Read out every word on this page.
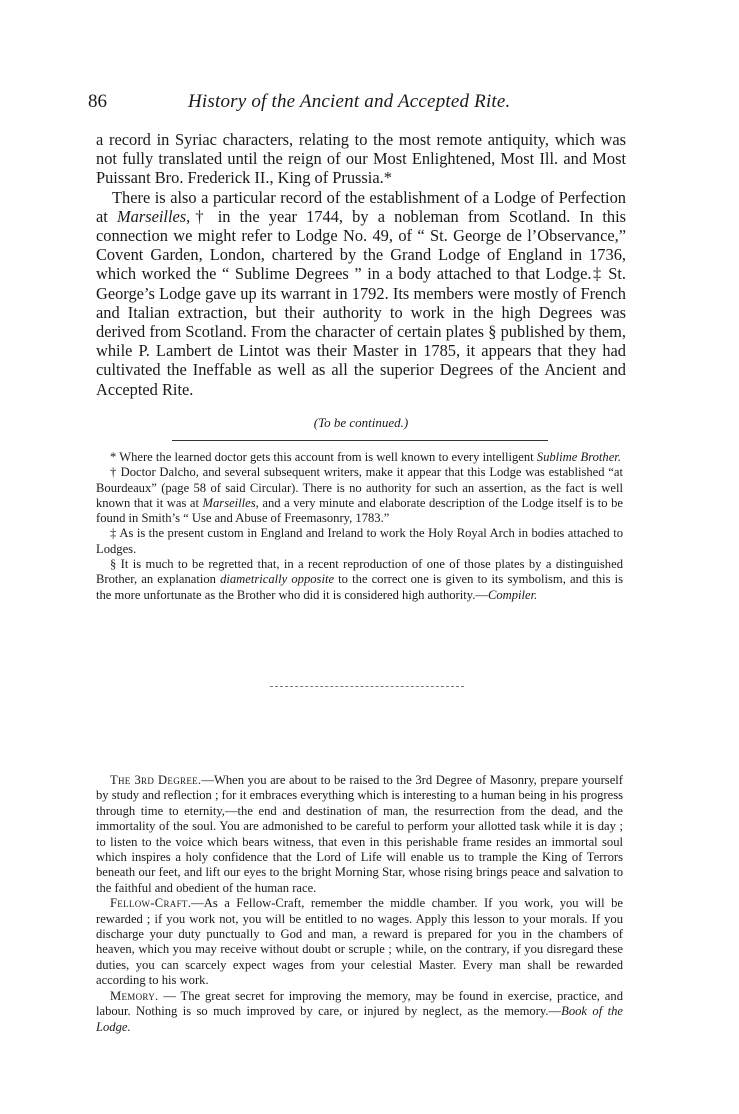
86	History of the Ancient and Accepted Rite.

a record in Syriac characters, relating to the most remote antiquity, which was not fully translated until the reign of our Most Enlightened, Most Ill. and Most Puissant Bro. Frederick II., King of Prussia.*

There is also a particular record of the establishment of a Lodge of Perfection at Marseilles,† in the year 1744, by a nobleman from Scotland. In this connection we might refer to Lodge No. 49, of “ St. George de l’Observance,” Covent Garden, London, chartered by the Grand Lodge of England in 1736, which worked the “ Sublime Degrees ” in a body attached to that Lodge.‡ St. George’s Lodge gave up its warrant in 1792. Its members were mostly of French and Italian extraction, but their authority to work in the high Degrees was derived from Scotland. From the character of certain plates § published by them, while P. Lambert de Lintot was their Master in 1785, it appears that they had cultivated the Ineffable as well as all the superior Degrees of the Ancient and Accepted Rite.

(To be continued.)

* Where the learned doctor gets this account from is well known to every intelligent Sublime Brother.

† Doctor Dalcho, and several subsequent writers, make it appear that this Lodge was established “at Bourdeaux” (page 58 of said Circular). There is no authority for such an assertion, as the fact is well known that it was at Marseilles, and a very minute and elaborate description of the Lodge itself is to be found in Smith’s “ Use and Abuse of Freemasonry, 1783.”

‡ As is the present custom in England and Ireland to work the Holy Royal Arch in bodies attached to Lodges.

§ It is much to be regretted that, in a recent reproduction of one of those plates by a distinguished Brother, an explanation diametrically opposite to the correct one is given to its symbolism, and this is the more unfortunate as the Brother who did it is considered high authority.—Compiler.

The 3rd Degree.—When you are about to be raised to the 3rd Degree of Masonry, prepare yourself by study and reflection ; for it embraces everything which is interesting to a human being in his progress through time to eternity,—the end and destination of man, the resurrection from the dead, and the immortality of the soul. You are admonished to be careful to perform your allotted task while it is day ; to listen to the voice which bears witness, that even in this perishable frame resides an immortal soul which inspires a holy confidence that the Lord of Life will enable us to trample the King of Terrors beneath our feet, and lift our eyes to the bright Morning Star, whose rising brings peace and salvation to the faithful and obedient of the human race.

Fellow-Craft.—As a Fellow-Craft, remember the middle chamber. If you work, you will be rewarded ; if you work not, you will be entitled to no wages. Apply this lesson to your morals. If you discharge your duty punctually to God and man, a reward is prepared for you in the chambers of heaven, which you may receive without doubt or scruple ; while, on the contrary, if you disregard these duties, you can scarcely expect wages from your celestial Master. Every man shall be rewarded according to his work.

Memory. — The great secret for improving the memory, may be found in exercise, practice, and labour. Nothing is so much improved by care, or injured by neglect, as the memory.—Book of the Lodge.
